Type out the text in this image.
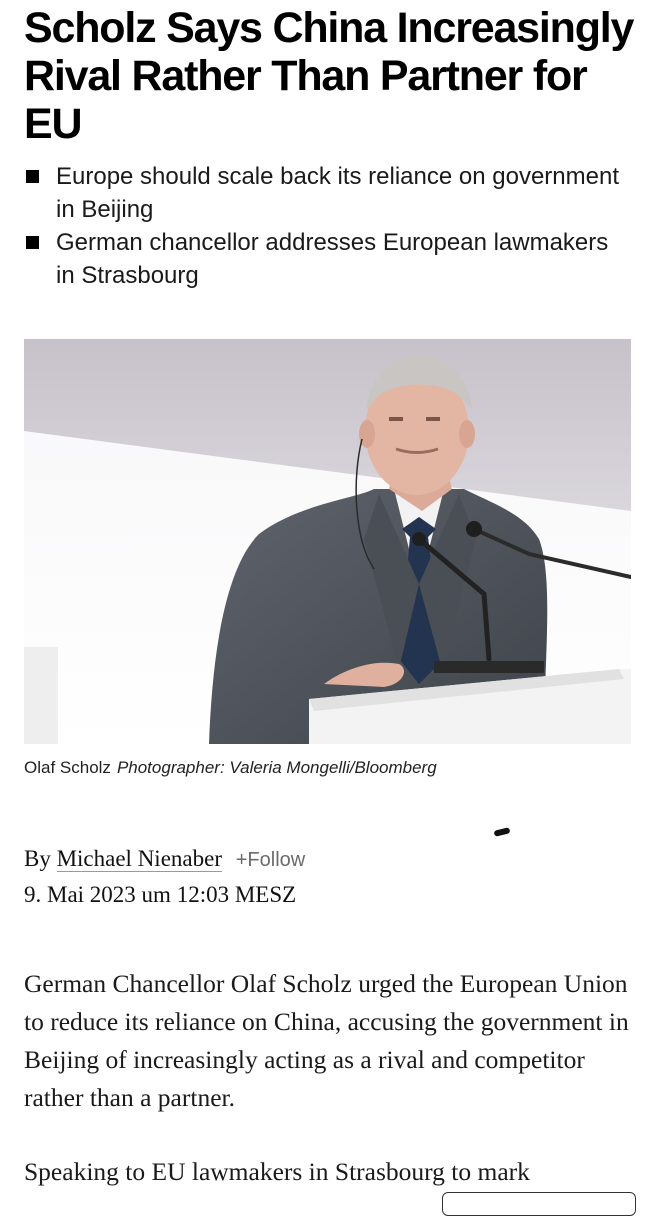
Scholz Says China Increasingly Rival Rather Than Partner for EU
Europe should scale back its reliance on government in Beijing
German chancellor addresses European lawmakers in Strasbourg
Olaf Scholz Photographer: Valeria Mongelli/Bloomberg
By Michael Nienaber +Follow
9. Mai 2023 um 12:03 MESZ

German Chancellor Olaf Scholz urged the European Union to reduce its reliance on China, accusing the government in Beijing of increasingly acting as a rival and competitor rather than a partner.

Speaking to EU lawmakers in Strasbourg to mark
